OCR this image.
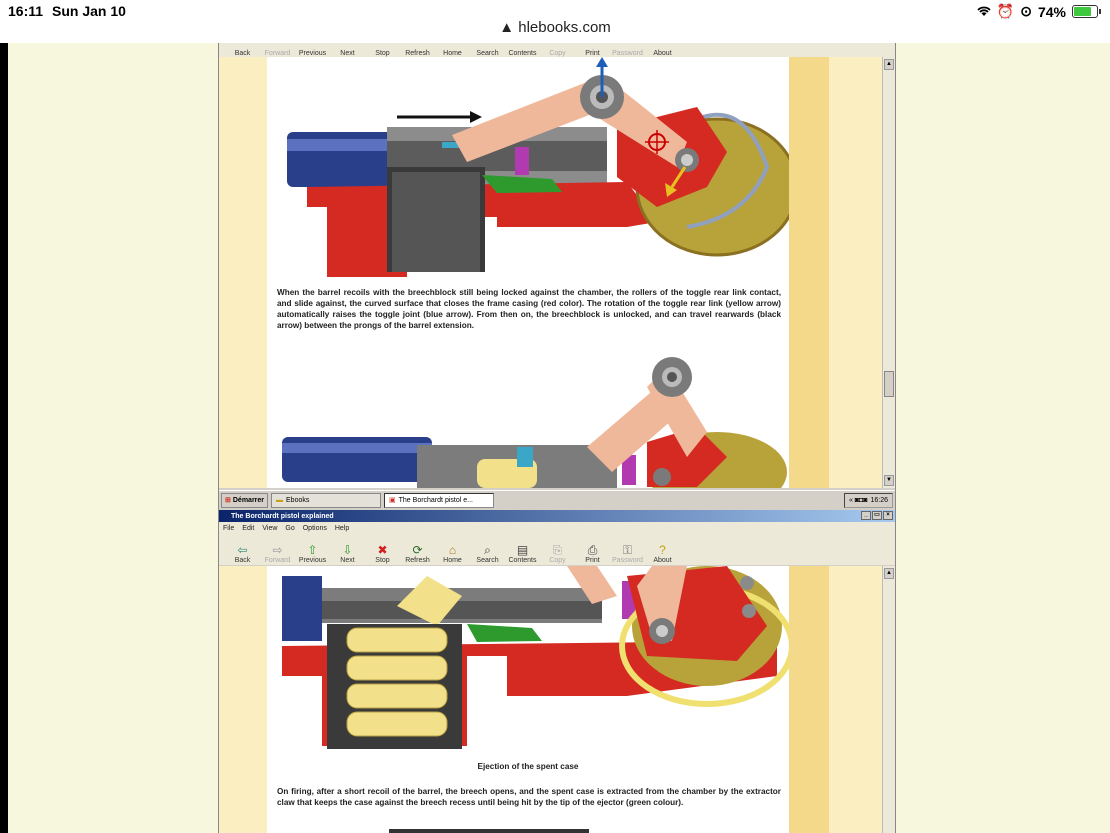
16:11 Sun Jan 10
▲ hlebooks.com
⏰ ⊙ 74%
Back Forward Previous Next	Stop Refresh Home Search Contents Copy	Print Password About
When the barrel recoils with the breechblock still being locked against the chamber, the rollers of the toggle rear link contact, and slide against, the curved surface that closes the frame casing (red color). The rotation of the toggle rear link (yellow arrow) automatically raises the toggle joint (blue arrow). From then on, the breechblock is unlocked, and can travel rearwards (black arrow) between the prongs of the barrel extension.
▲
▼
⊞ Démarrer ▬ Ebooks	▣ The Borchardt pistol e...	« ◙◘◙ 16:26
The Borchardt pistol explained	_	▭	×
File Edit View Go Options Help
⇦
Back
⇨
Forward
⇧
Previous
⇩
Next
✖
Stop
⟳
Refresh
⌂
Home
⌕
Search
▤
Contents
⎘
Copy
⎙
Print
⚿
Password
?
About
Ejection of the spent case
On firing, after a short recoil of the barrel, the breech opens, and the spent case is extracted from the chamber by the extractor claw that keeps the case against the breech recess until being hit by the tip of the ejector (green colour).
▲
